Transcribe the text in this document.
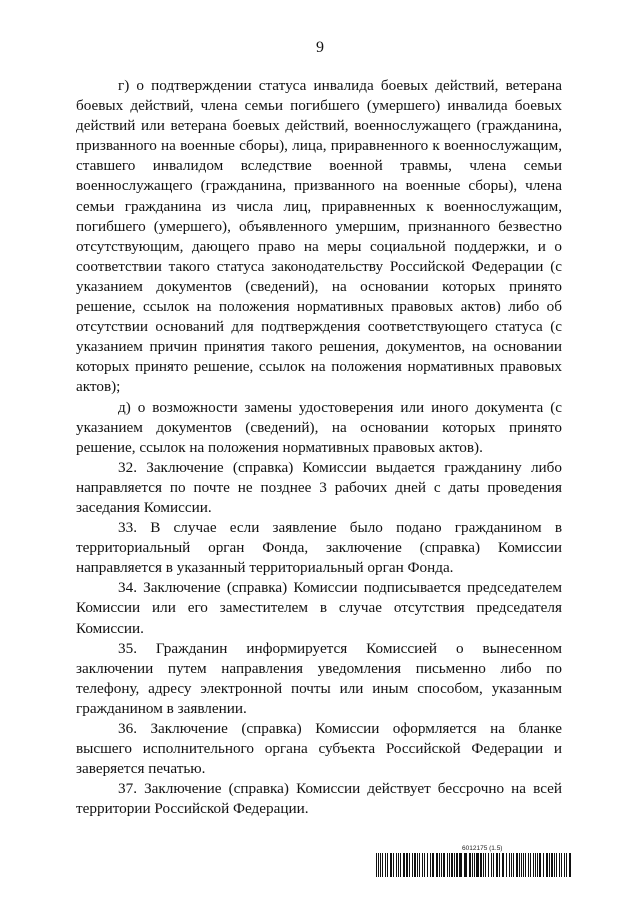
9

г) о подтверждении статуса инвалида боевых действий, ветерана боевых действий, члена семьи погибшего (умершего) инвалида боевых действий или ветерана боевых действий, военнослужащего (гражданина, призванного на военные сборы), лица, приравненного к военнослужащим, ставшего инвалидом вследствие военной травмы, члена семьи военнослужащего (гражданина, призванного на военные сборы), члена семьи гражданина из числа лиц, приравненных к военнослужащим, погибшего (умершего), объявленного умершим, признанного безвестно отсутствующим, дающего право на меры социальной поддержки, и о соответствии такого статуса законодательству Российской Федерации (с указанием документов (сведений), на основании которых принято решение, ссылок на положения нормативных правовых актов) либо об отсутствии оснований для подтверждения соответствующего статуса (с указанием причин принятия такого решения, документов, на основании которых принято решение, ссылок на положения нормативных правовых актов);

д) о возможности замены удостоверения или иного документа (с указанием документов (сведений), на основании которых принято решение, ссылок на положения нормативных правовых актов).

32. Заключение (справка) Комиссии выдается гражданину либо направляется по почте не позднее 3 рабочих дней с даты проведения заседания Комиссии.

33. В случае если заявление было подано гражданином в территориальный орган Фонда, заключение (справка) Комиссии направляется в указанный территориальный орган Фонда.

34. Заключение (справка) Комиссии подписывается председателем Комиссии или его заместителем в случае отсутствия председателя Комиссии.

35. Гражданин информируется Комиссией о вынесенном заключении путем направления уведомления письменно либо по телефону, адресу электронной почты или иным способом, указанным гражданином в заявлении.

36. Заключение (справка) Комиссии оформляется на бланке высшего исполнительного органа субъекта Российской Федерации и заверяется печатью.

37. Заключение (справка) Комиссии действует бессрочно на всей территории Российской Федерации.

6012175 (1.5)
